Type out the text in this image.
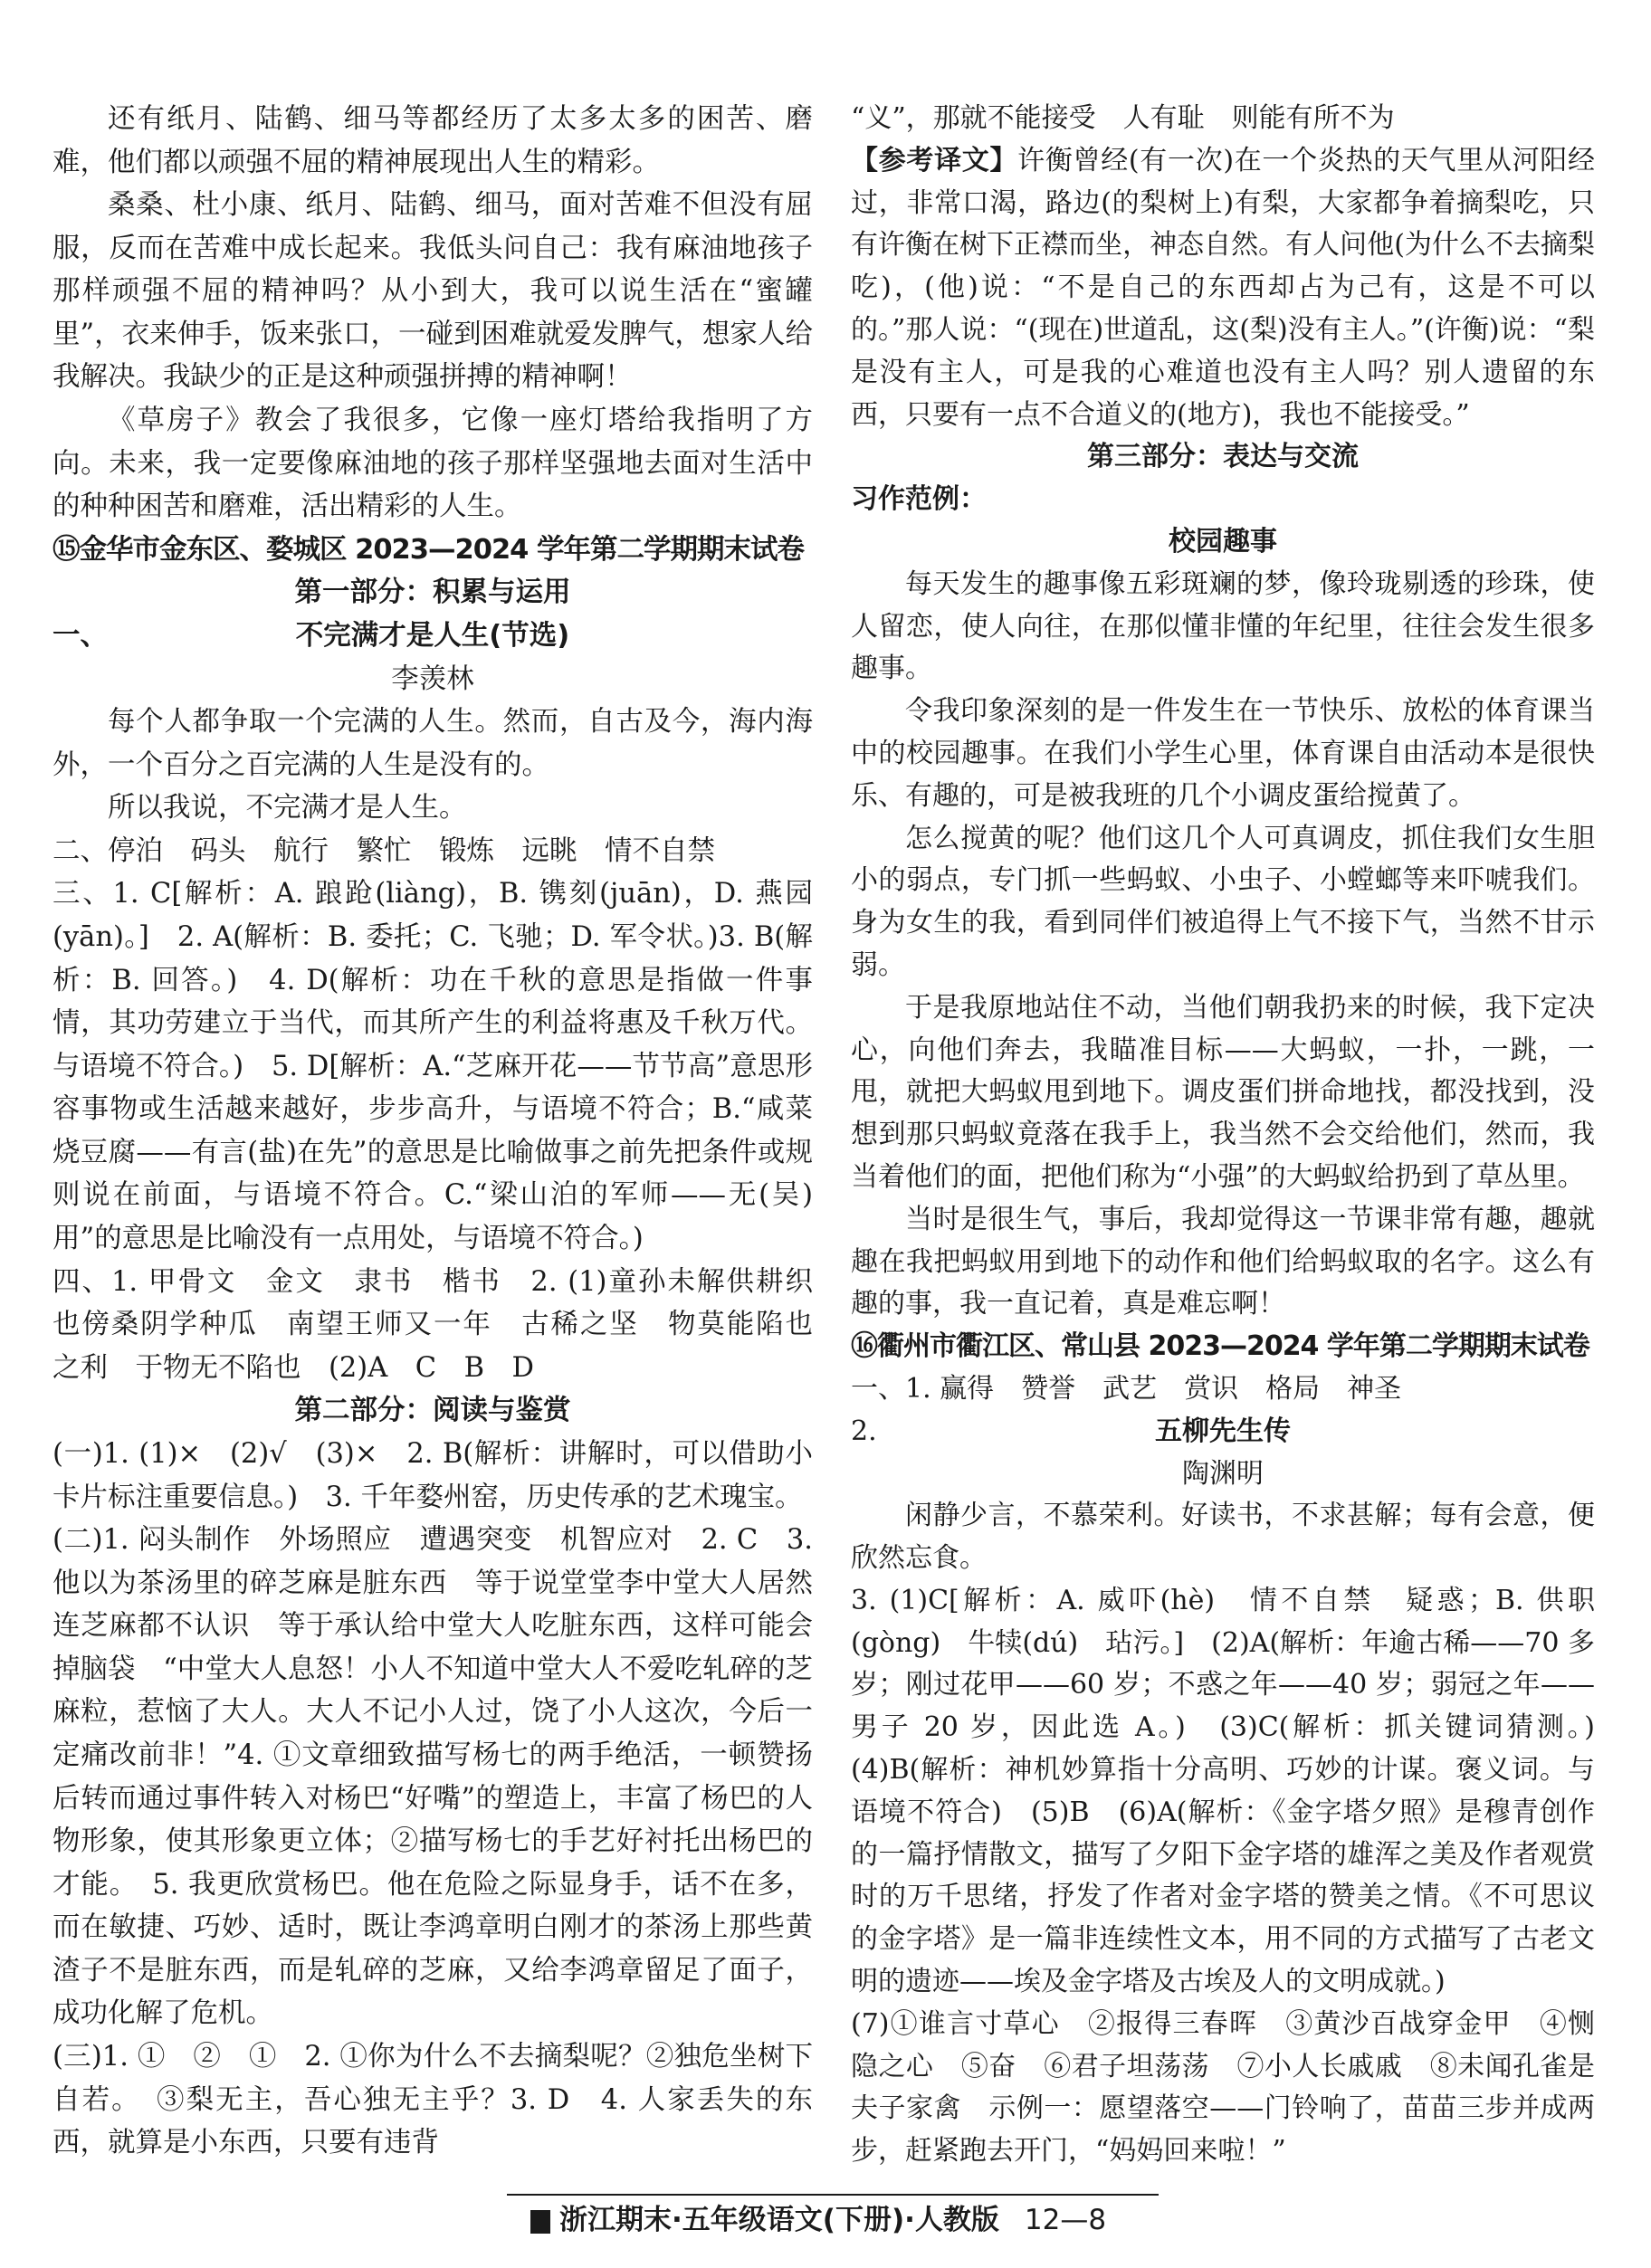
还有纸月、陆鹤、细马等都经历了太多太多的困苦、磨难，他们都以顽强不屈的精神展现出人生的精彩。

桑桑、杜小康、纸月、陆鹤、细马，面对苦难不但没有屈服，反而在苦难中成长起来。我低头问自己：我有麻油地孩子那样顽强不屈的精神吗？从小到大，我可以说生活在“蜜罐里”，衣来伸手，饭来张口，一碰到困难就爱发脾气，想家人给我解决。我缺少的正是这种顽强拼搏的精神啊！

《草房子》教会了我很多，它像一座灯塔给我指明了方向。未来，我一定要像麻油地的孩子那样坚强地去面对生活中的种种困苦和磨难，活出精彩的人生。

⑮金华市金东区、婺城区 2023—2024 学年第二学期期末试卷

第一部分：积累与运用

一、	不完满才是人生(节选)

李羡林

每个人都争取一个完满的人生。然而，自古及今，海内海外，一个百分之百完满的人生是没有的。

所以我说，不完满才是人生。

二、停泊　码头　航行　繁忙　锻炼　远眺　情不自禁

三、1. C[解析：A. 踉跄(liàng)，B. 镌刻(juān)，D. 燕园(yān)。]　2. A(解析：B. 委托；C. 飞驰；D. 军令状。)3. B(解析：B. 回答。)　4. D(解析：功在千秋的意思是指做一件事情，其功劳建立于当代，而其所产生的利益将惠及千秋万代。与语境不符合。)　5. D[解析：A.“芝麻开花——节节高”意思形容事物或生活越来越好，步步高升，与语境不符合；B.“咸菜烧豆腐——有言(盐)在先”的意思是比喻做事之前先把条件或规则说在前面，与语境不符合。C.“梁山泊的军师——无(吴)用”的意思是比喻没有一点用处，与语境不符合。)

四、1. 甲骨文　金文　隶书　楷书　2. (1)童孙未解供耕织　也傍桑阴学种瓜　南望王师又一年　古稀之坚　物莫能陷也　之利　于物无不陷也　(2)A　C　B　D

第二部分：阅读与鉴赏

(一)1. (1)×　(2)√　(3)×　2. B(解析：讲解时，可以借助小卡片标注重要信息。)　3. 千年婺州窑，历史传承的艺术瑰宝。

(二)1. 闷头制作　外场照应　遭遇突变　机智应对　2. C　3. 他以为茶汤里的碎芝麻是脏东西　等于说堂堂李中堂大人居然连芝麻都不认识　等于承认给中堂大人吃脏东西，这样可能会掉脑袋　“中堂大人息怒！小人不知道中堂大人不爱吃轧碎的芝麻粒，惹恼了大人。大人不记小人过，饶了小人这次，今后一定痛改前非！”4. ①文章细致描写杨七的两手绝活，一顿赞扬后转而通过事件转入对杨巴“好嘴”的塑造上，丰富了杨巴的人物形象，使其形象更立体；②描写杨七的手艺好衬托出杨巴的才能。　5. 我更欣赏杨巴。他在危险之际显身手，话不在多，而在敏捷、巧妙、适时，既让李鸿章明白刚才的茶汤上那些黄渣子不是脏东西，而是轧碎的芝麻，又给李鸿章留足了面子，成功化解了危机。

(三)1. ①　②　①　2. ①你为什么不去摘梨呢？②独危坐树下自若。　③梨无主，吾心独无主乎？3. D　4. 人家丢失的东西，就算是小东西，只要有违背

“义”，那就不能接受　人有耻　则能有所不为

【参考译文】许衡曾经(有一次)在一个炎热的天气里从河阳经过，非常口渴，路边(的梨树上)有梨，大家都争着摘梨吃，只有许衡在树下正襟而坐，神态自然。有人问他(为什么不去摘梨吃)，(他)说：“不是自己的东西却占为己有，这是不可以的。”那人说：“(现在)世道乱，这(梨)没有主人。”(许衡)说：“梨是没有主人，可是我的心难道也没有主人吗？别人遗留的东西，只要有一点不合道义的(地方)，我也不能接受。”

第三部分：表达与交流

习作范例：

校园趣事

每天发生的趣事像五彩斑斓的梦，像玲珑剔透的珍珠，使人留恋，使人向往，在那似懂非懂的年纪里，往往会发生很多趣事。

令我印象深刻的是一件发生在一节快乐、放松的体育课当中的校园趣事。在我们小学生心里，体育课自由活动本是很快乐、有趣的，可是被我班的几个小调皮蛋给搅黄了。

怎么搅黄的呢？他们这几个人可真调皮，抓住我们女生胆小的弱点，专门抓一些蚂蚁、小虫子、小螳螂等来吓唬我们。身为女生的我，看到同伴们被追得上气不接下气，当然不甘示弱。

于是我原地站住不动，当他们朝我扔来的时候，我下定决心，向他们奔去，我瞄准目标——大蚂蚁，一扑，一跳，一甩，就把大蚂蚁甩到地下。调皮蛋们拼命地找，都没找到，没想到那只蚂蚁竟落在我手上，我当然不会交给他们，然而，我当着他们的面，把他们称为“小强”的大蚂蚁给扔到了草丛里。

当时是很生气，事后，我却觉得这一节课非常有趣，趣就趣在我把蚂蚁用到地下的动作和他们给蚂蚁取的名字。这么有趣的事，我一直记着，真是难忘啊！

⑯衢州市衢江区、常山县 2023—2024 学年第二学期期末试卷

一、1. 赢得　赞誉　武艺　赏识　格局　神圣

2.	五柳先生传

陶渊明

闲静少言，不慕荣利。好读书，不求甚解；每有会意，便欣然忘食。

3. (1)C[解析：A. 威吓(hè)　情不自禁　疑惑；B. 供职(gòng)　牛犊(dú)　玷污。]　(2)A(解析：年逾古稀——70 多岁；刚过花甲——60 岁；不惑之年——40 岁；弱冠之年——男子 20 岁，因此选 A。)　(3)C(解析：抓关键词猜测。)　(4)B(解析：神机妙算指十分高明、巧妙的计谋。褒义词。与语境不符合)　(5)B　(6)A(解析：《金字塔夕照》是穆青创作的一篇抒情散文，描写了夕阳下金字塔的雄浑之美及作者观赏时的万千思绪，抒发了作者对金字塔的赞美之情。《不可思议的金字塔》是一篇非连续性文本，用不同的方式描写了古老文明的遗迹——埃及金字塔及古埃及人的文明成就。)

(7)①谁言寸草心　②报得三春晖　③黄沙百战穿金甲　④恻隐之心　⑤奋　⑥君子坦荡荡　⑦小人长戚戚　⑧未闻孔雀是夫子家禽　示例一：愿望落空——门铃响了，苗苗三步并成两步，赶紧跑去开门，“妈妈回来啦！”

浙江期末·五年级语文(下册)·人教版 12—8
